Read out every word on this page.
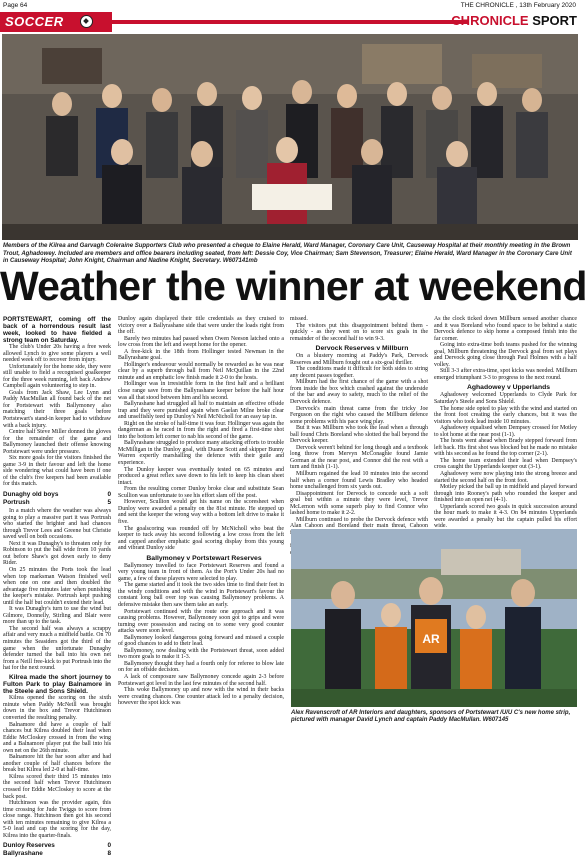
Page 64	THE CHRONICLE , 13th February 2020
SOCCER	CHRONICLE SPORT
Members of the Kilrea and Garvagh Coleraine Supporters Club who presented a cheque to Elaine Herald, Ward Manager, Coronary Care Unit, Causeway Hospital at their monthly meeting in the Brown Trout, Aghadowey. Included are members and office bearers including seated, from left: Dessie Coy, Vice Chairman; Sam Stevenson, Treasurer; Elaine Herald, Ward Manager in the Coronary Care Unit in Causeway Hospital; John Knight, Chairman and Nadine Knight, Secretary. W607141mb
Weather the winner at weekend

PORTSTEWART, coming off the back of a horrendous result last week, looked to have fielded a strong team on Saturday.

The club's Under 20s having a free week allowed Lynch to give some players a well needed week off to recover from injury.

Unfortunately for the home side, they were still unable to field a recognised goalkeeper for the three week running, left back Andrew Campbell again volunteering to step in.

Goals from Jack Shaw, Lee Lynn and Paddy MacMullan all found back of the net for Portstewart with Ballymoney also matching their three goals before Portstewart's stand-in keeper had to withdraw with a back injury.

Centre half Steve Miller donned the gloves for the remainder of the game and Ballymoney launched their offense knowing Portstewart were under pressure.

Six more goals for the visitors finished the game 3-9 in their favour and left the home side wondering what could have been if one of the club's five keepers had been available for this match.

Dunaghy old boys	0
Portrush	5

In a match where the weather was always going to play a massive part it was Portrush who started the brighter and had chances through Trevor Lees and Greene but Christie saved well on both occasions.

Next it was Dunaghy's to threaten only for Robinson to put the ball wide from 10 yards out before Shaw's got down early to deny Rider.

On 25 minutes the Ports took the lead when top marksman Watson finished well when one on one and then doubled the advantage five minutes later when punishing the keeper's mistake. Portrush kept pushing until the half but couldn't extend their lead.

It was Dunaghy's turn to use the wind but Gilmore, Donnelly, Stirling and Blair were more than up to the task.

The second half was always a scrappy affair and very much a midfield battle. On 70 minutes the Seasiders got the third of the game when the unfortunate Dunaghy defender turned the ball into his own net from a Neill free-kick to put Portrush into the hat for the next round.

Kilrea made the short journey to Fulton Park to play Balnamore in the Steele and Sons Shield.

Kilrea opened the scoring on the sixth minute when Paddy McNeill was brought down in the box and Trevor Hutchinson converted the resulting penalty.

Balnamore did have a couple of half chances but Kilrea doubled their lead when Eddie McCloskey crossed in from the wing and a Balnamore player put the ball into his own net on the 26th minute.

Balnamore hit the bar soon after and had another couple of half chances before the break but Kilrea led 2-0 at half-time.

Kilrea scored their third 15 minutes into the second half when Trevor Hutchinson crossed for Eddie McCloskey to score at the back post.

Hutchinson was the provider again, this time crossing for Jude Twiggs to score from close range. Hutchinson then got his second with ten minutes remaining to give Kilrea a 5-0 lead and cap the scoring for the day, Kilrea into the quarter-finals.

Dunloy Reserves	0
Ballyrashane	8

Dunloy again displayed their title credentials as they cruised to victory over a Ballyrashane side that were under the loads right from the off.

Barely two minutes had passed when Owen Neeson latched onto a low cross from the left and swept home for the opener.

A free-kick in the 18th from Hollinger tested Newman in the Ballyrashane goal.

Hollinger's endeavour would normally be rewarded as he was near clear by a superb through ball from Neil McQuillan in the 22nd minute and an emphatic low finish made it 2-0 to the hosts.

Hollinger was in irresistible form in the first half and a brilliant close range save from the Ballyrashane keeper before the half hour was all that stood between him and his second.

Ballyrashane had struggled all half to maintain an effective offside trap and they were punished again when Gaelan Milne broke clear and unselfishly teed up Dunloy's Neil McNicholl for an easy tap in.

Right on the stroke of half-time it was four. Hollinger was again the dangerman as he raced in from the right and fired a first-time shot into the bottom left corner to nab his second of the game.

Ballyrashane struggled to produce many attacking efforts to trouble McMilligan in the Dunloy goal, with Duane Scott and skipper Bunny Warren expertly marshalling the defence with their guile and experience.

The Dunloy keeper was eventually tested on 65 minutes and produced a great reflex save down to his left to keep his clean sheet intact.

From the resulting corner Dunloy broke clear and substitute Sean Scullion was unfortunate to see his effort slam off the post.

However, Scullion would get his name on the scoresheet when Dunloy were awarded a penalty on the 81st minute. He stepped up and sent the keeper the wrong way with a bottom left drive to make it five.

The goalscoring was rounded off by McNicholl who beat the keeper to tuck away his second following a low cross from the left and capped another emphatic goal scoring display from this young and vibrant Dunloy side

Ballymoney v Portstewart Reserves

Ballymoney travelled to face Portstewart Reserves and found a very young team in front of them. As the Port's Under 20s had no game, a few of these players were selected to play.

The game started and it took the two sides time to find their feet in the windy conditions and with the wind in Portstewart's favour the constant long ball over top was causing Ballymoney problems. A defensive mistake then saw them take an early.

Portstewart continued with the route one approach and it was causing problems. However, Ballymoney soon got to grips and were turning over possession and racing on to some very good counter attacks were soon level.

Ballymoney looked dangerous going forward and missed a couple of good chances to add to their lead.

Ballymoney, now dealing with the Portstewart threat, soon added two more goals to make it 1-3.

Ballymoney thought they had a fourth only for referee to blow late on for an offside decision.

A lack of composure saw Ballymoney concede again 2-3 before Portstewart got level in the last few minutes of the second half.

This woke Ballymoney up and now with the wind in their backs were creating chances. One counter attack led to a penalty decision, however the spot kick was

missed.

The visitors put this disappointment behind them - quickly - as they went on to score six goals in the remainder of the second half to win 9-3.

Dervock Reserves v Millburn

On a blustery morning at Paddy's Park, Dervock Reserves and Millburn fought out a six-goal thriller.

The conditions made it difficult for both sides to string any decent passes together.

Millburn had the first chance of the game with a shot from inside the box which crashed against the underside of the bar and away to safety, much to the relief of the Dervock defence.

Dervock's main threat came from the tricky Joe Ferguson on the right who caused the Millburn defence some problems with his pace wing play.

But it was Millburn who took the lead when a through ball found Chris Boreland who slotted the ball beyond the Dervock keeper.

Dervock weren't behind for long though and a textbook long throw from Mervyn McConaghie found Jamie Gorman at the near post, and Connor did the rest with a turn and finish (1-1).

Millburn regained the lead 10 minutes into the second half when a corner found Lewis Bradley who headed home unchallenged from six yards out.

Disappointment for Dervock to concede such a soft goal but within a minute they were level, Trevor McLernon with some superb play to find Connor who lashed home to make it 2-2.

Millburn continued to probe the Dervock defence with Alan Cahoon and Boreland their main threat, Cahoon

As the clock ticked down Millburn sensed another chance and it was Boreland who found space to be behind a static Dervock defence to skip home a composed finish into the far corner.

Going into extra-time both teams pushed for the winning goal, Millburn threatening the Dervock goal from set plays and Dervock going close through Paul Holmes with a half volley.

Still 3-3 after extra-time, spot kicks was needed. Millburn emerged triumphant 3-3 to progress to the next round.

Aghadowey v Upperlands

Aghadowey welcomed Upperlands to Clyde Park for Saturday's Steele and Sons Shield.

The home side opted to play with the wind and started on the front foot creating the early chances, but it was the visitors who took lead inside 10 minutes.

Aghadowey equalised when Dempsey crossed for Motley to slot home at the near post (1-1).

The hosts went ahead when Brady stepped forward from left back. His first shot was blocked but he made no mistake with his second as he found the top corner (2-1).

The home team extended their lead when Dempsey's cross caught the Upperlands keeper out (3-1).

Aghadowey were now playing into the strong breeze and started the second half on the front foot.

Motley picked the ball up in midfield and played forward through into Rooney's path who rounded the keeper and finished into an open net (4-1).

Upperlands scored two goals in quick succession around the hour mark to make it 4-3. On 84 minutes Upperlands were awarded a penalty but the captain pulled his effort wide.

AR
Alex Ravenscroft of AR Interiors and daughters, sponsors of Portstewart /U/U C's new home strip, pictured with manager David Lynch and captain Paddy MacMullan. W607145
